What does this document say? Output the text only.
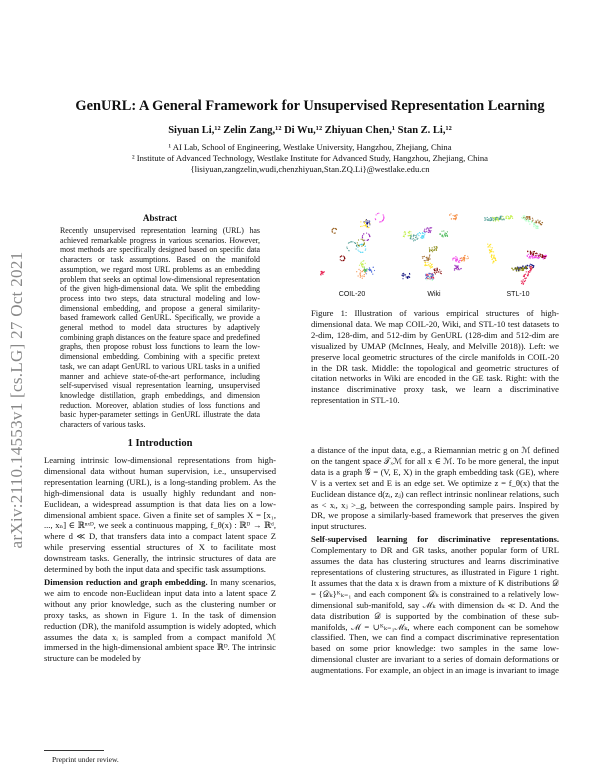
arXiv:2110.14553v1 [cs.LG] 27 Oct 2021
GenURL: A General Framework for Unsupervised Representation Learning
Siyuan Li,¹² Zelin Zang,¹² Di Wu,¹² Zhiyuan Chen,¹ Stan Z. Li,¹²
¹ AI Lab, School of Engineering, Westlake University, Hangzhou, Zhejiang, China
² Institute of Advanced Technology, Westlake Institute for Advanced Study, Hangzhou, Zhejiang, China
{lisiyuan,zangzelin,wudi,chenzhiyuan,Stan.ZQ.Li}@westlake.edu.cn
Abstract
Recently unsupervised representation learning (URL) has achieved remarkable progress in various scenarios. However, most methods are specifically designed based on specific data characters or task assumptions. Based on the manifold assumption, we regard most URL problems as an embedding problem that seeks an optimal low-dimensional representation of the given high-dimensional data. We split the embedding process into two steps, data structural modeling and low-dimensional embedding, and propose a general similarity-based framework called GenURL. Specifically, we provide a general method to model data structures by adaptively combining graph distances on the feature space and predefined graphs, then propose robust loss functions to learn the low-dimensional embedding. Combining with a specific pretext task, we can adapt GenURL to various URL tasks in a unified manner and achieve state-of-the-art performance, including self-supervised visual representation learning, unsupervised knowledge distillation, graph embeddings, and dimension reduction. Moreover, ablation studies of loss functions and basic hyper-parameter settings in GenURL illustrate the data characters of various tasks.
1 Introduction

Learning intrinsic low-dimensional representations from high-dimensional data without human supervision, i.e., unsupervised representation learning (URL), is a long-standing problem. As the high-dimensional data is usually highly redundant and non-Euclidean, a widespread assumption is that data lies on a low-dimensional ambient space. Given a finite set of samples X = [x₁, ..., xₙ] ∈ ℝⁿˣᴰ, we seek a continuous mapping, f_θ(x) : ℝᴰ → ℝᵈ, where d ≪ D, that transfers data into a compact latent space Z while preserving essential structures of X to facilitate most downstream tasks. Generally, the intrinsic structures of data are determined by both the input data and specific task assumptions.

Dimension reduction and graph embedding. In many scenarios, we aim to encode non-Euclidean input data into a latent space Z without any prior knowledge, such as the clustering number or proxy tasks, as shown in Figure 1. In the task of dimension reduction (DR), the manifold assumption is widely adopted, which assumes the data xᵢ is sampled from a compact manifold ℳ immersed in the high-dimensional ambient space ℝᴰ. The intrinsic structure can be modeled by

Preprint under review.
COIL-20	Wiki	STL-10
Figure 1: Illustration of various empirical structures of high-dimensional data. We map COIL-20, Wiki, and STL-10 test datasets to 2-dim, 128-dim, and 512-dim by GenURL (128-dim and 512-dim are visualized by UMAP (McInnes, Healy, and Melville 2018)). Left: we preserve local geometric structures of the circle manifolds in COIL-20 in the DR task. Middle: the topological and geometric structures of citation networks in Wiki are encoded in the GE task. Right: with the instance discriminative proxy task, we learn a discriminative representation in STL-10.

a distance of the input data, e.g., a Riemannian metric g on ℳ defined on the tangent space 𝒯ₓℳ for all x ∈ ℳ. To be more general, the input data is a graph 𝒢 = (V, E, X) in the graph embedding task (GE), where V is a vertex set and E is an edge set. We optimize z = f_θ(x) that the Euclidean distance d(zᵢ, zⱼ) can reflect intrinsic nonlinear relations, such as < xᵢ, xⱼ >_g, between the corresponding sample pairs. Inspired by DR, we propose a similarly-based framework that preserves the given input structures.

Self-supervised learning for discriminative representations. Complementary to DR and GR tasks, another popular form of URL assumes the data has clustering structures and learns discriminative representations of clustering structures, as illustrated in Figure 1 right. It assumes that the data x is drawn from a mixture of K distributions 𝒟 = {𝒟ₖ}ᴷₖ₌₁ and each component 𝒟ₖ is constrained to a relatively low-dimensional sub-manifold, say ℳₖ with dimension dₖ ≪ D. And the data distribution 𝒟 is supported by the combination of these sub-manifolds, ℳ = ∪ᴷₖ₌₁ℳₖ, where each component can be somehow classified. Then, we can find a compact discriminative representation based on some prior knowledge: two samples in the same low-dimensional cluster are invariant to a series of domain deformations or augmentations. For example, an object in an image is invariant to image
